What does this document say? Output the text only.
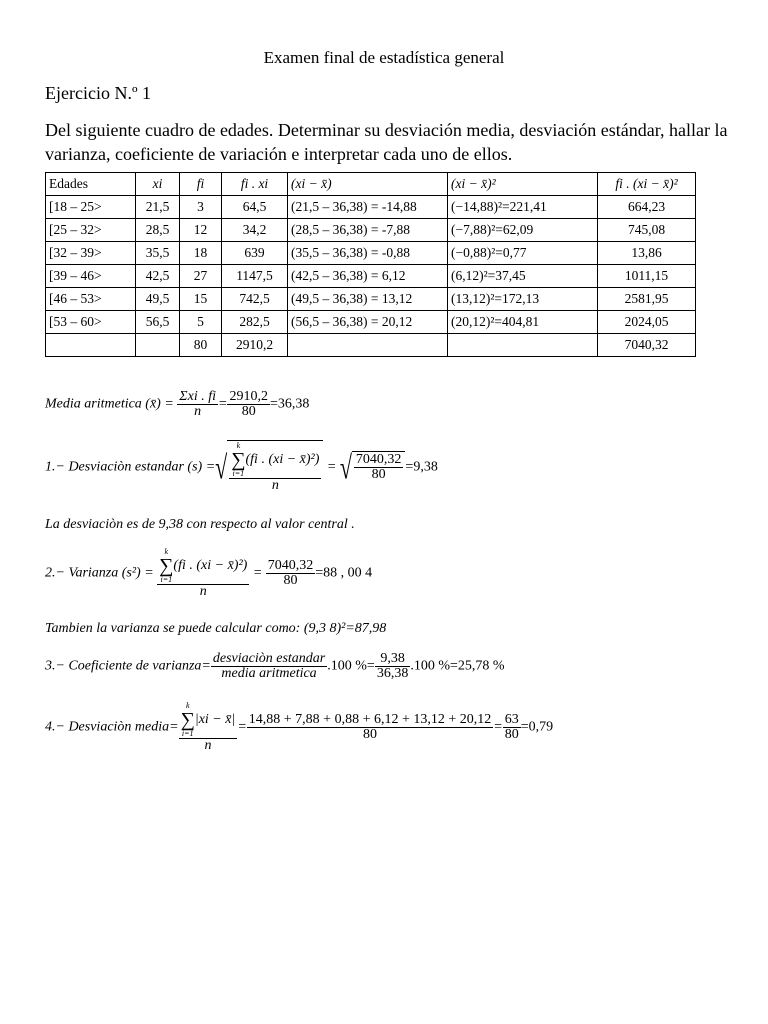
Examen final de estadística general
Ejercicio N.º 1
Del siguiente cuadro de edades. Determinar su desviación media, desviación estándar, hallar la varianza, coeficiente de variación e interpretar cada uno de ellos.
Edades	xi	fi	fi . xi	(xi − x̄)	(xi − x̄)²	fi . (xi − x̄)²
[18 – 25>	21,5	3	64,5	(21,5 – 36,38) = -14,88	(−14,88)²=221,41	664,23
[25 – 32>	28,5	12	34,2	(28,5 – 36,38) = -7,88	(−7,88)²=62,09	745,08
[32 – 39>	35,5	18	639	(35,5 – 36,38) = -0,88	(−0,88)²=0,77	13,86
[39 – 46>	42,5	27	1147,5	(42,5 – 36,38) = 6,12	(6,12)²=37,45	1011,15
[46 – 53>	49,5	15	742,5	(49,5 – 36,38) = 13,12	(13,12)²=172,13	2581,95
[53 – 60>	56,5	5	282,5	(56,5 – 36,38) = 20,12	(20,12)²=404,81	2024,05
		80	2910,2			7040,32
Media aritmetica (x̄) = $\frac{\text{Σxi . fi}}{n} = \frac{2910,2}{80} =36,38$
1.− Desviaciòn estandar (s) =√ k
∑
i=1
(fi . (xi − x̄)²)
n = √ $\frac{7040,32}{80} =9,38$
La desviaciòn es de 9,38 con respecto al valor central .
2.− Varianza (s²) = k
∑
i=1
(fi . (xi − x̄)²)
$n = \frac{7040,32}{80} =88$ , 00 4
Tambien la varianza se puede calcular como: (9,3 8)²=87,98
3.− Coeficiente de varianza= $\frac{\text{desviaciòn estandar}}{\text{media aritmetica}} .100$ %= $\frac{9,38}{36,38} .100$ %=25,78 %
4.− Desviaciòn media= k
∑
i=1
|xi − x̄|
$n = \frac{14,88 + 7,88 + 0,88 + 6,12 + 13,12 + 20,12}{80} = \frac{63}{80} =0,79$
